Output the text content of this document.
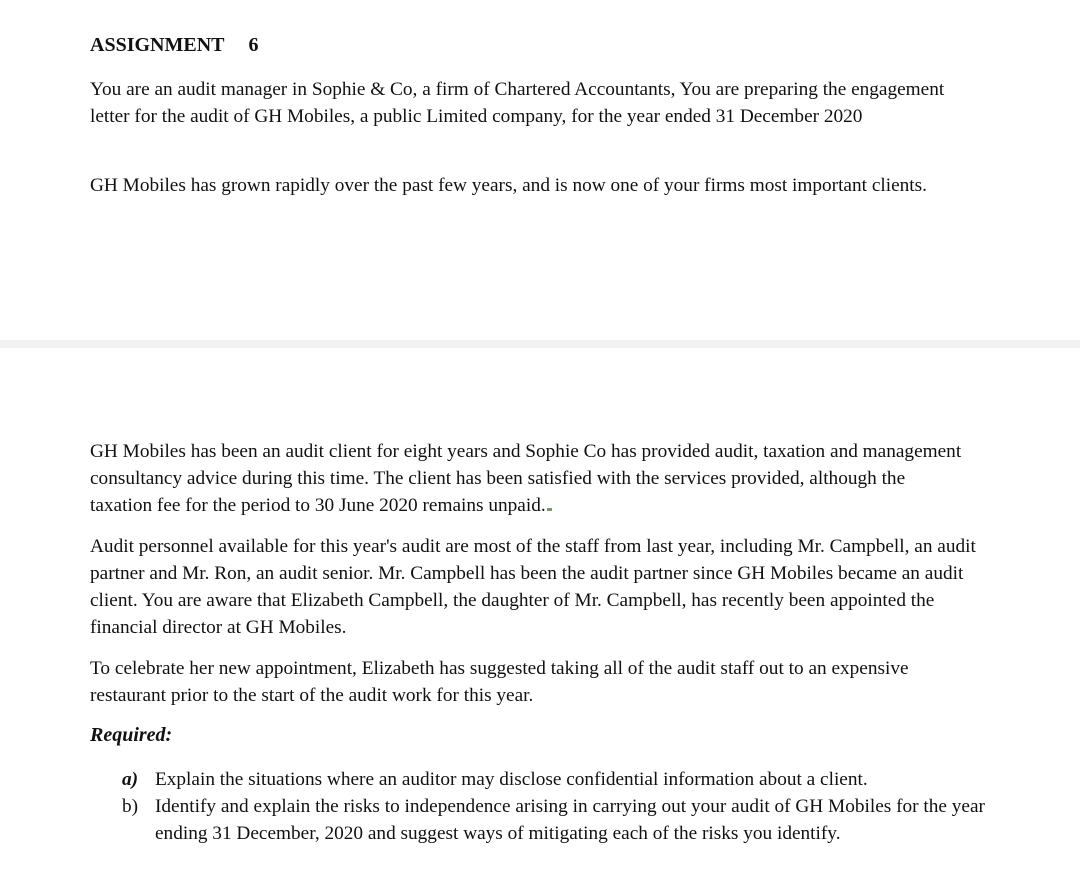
ASSIGNMENT 6

You are an audit manager in Sophie & Co, a firm of Chartered Accountants, You are preparing the engagement letter for the audit of GH Mobiles, a public Limited company, for the year ended 31 December 2020

GH Mobiles has grown rapidly over the past few years, and is now one of your firms most important clients.

GH Mobiles has been an audit client for eight years and Sophie Co has provided audit, taxation and management consultancy advice during this time. The client has been satisfied with the services provided, although the taxation fee for the period to 30 June 2020 remains unpaid.

Audit personnel available for this year's audit are most of the staff from last year, including Mr. Campbell, an audit partner and Mr. Ron, an audit senior. Mr. Campbell has been the audit partner since GH Mobiles became an audit client. You are aware that Elizabeth Campbell, the daughter of Mr. Campbell, has recently been appointed the financial director at GH Mobiles.

To celebrate her new appointment, Elizabeth has suggested taking all of the audit staff out to an expensive restaurant prior to the start of the audit work for this year.

Required:
a) Explain the situations where an auditor may disclose confidential information about a client.
b) Identify and explain the risks to independence arising in carrying out your audit of GH Mobiles for the year ending 31 December, 2020 and suggest ways of mitigating each of the risks you identify.
